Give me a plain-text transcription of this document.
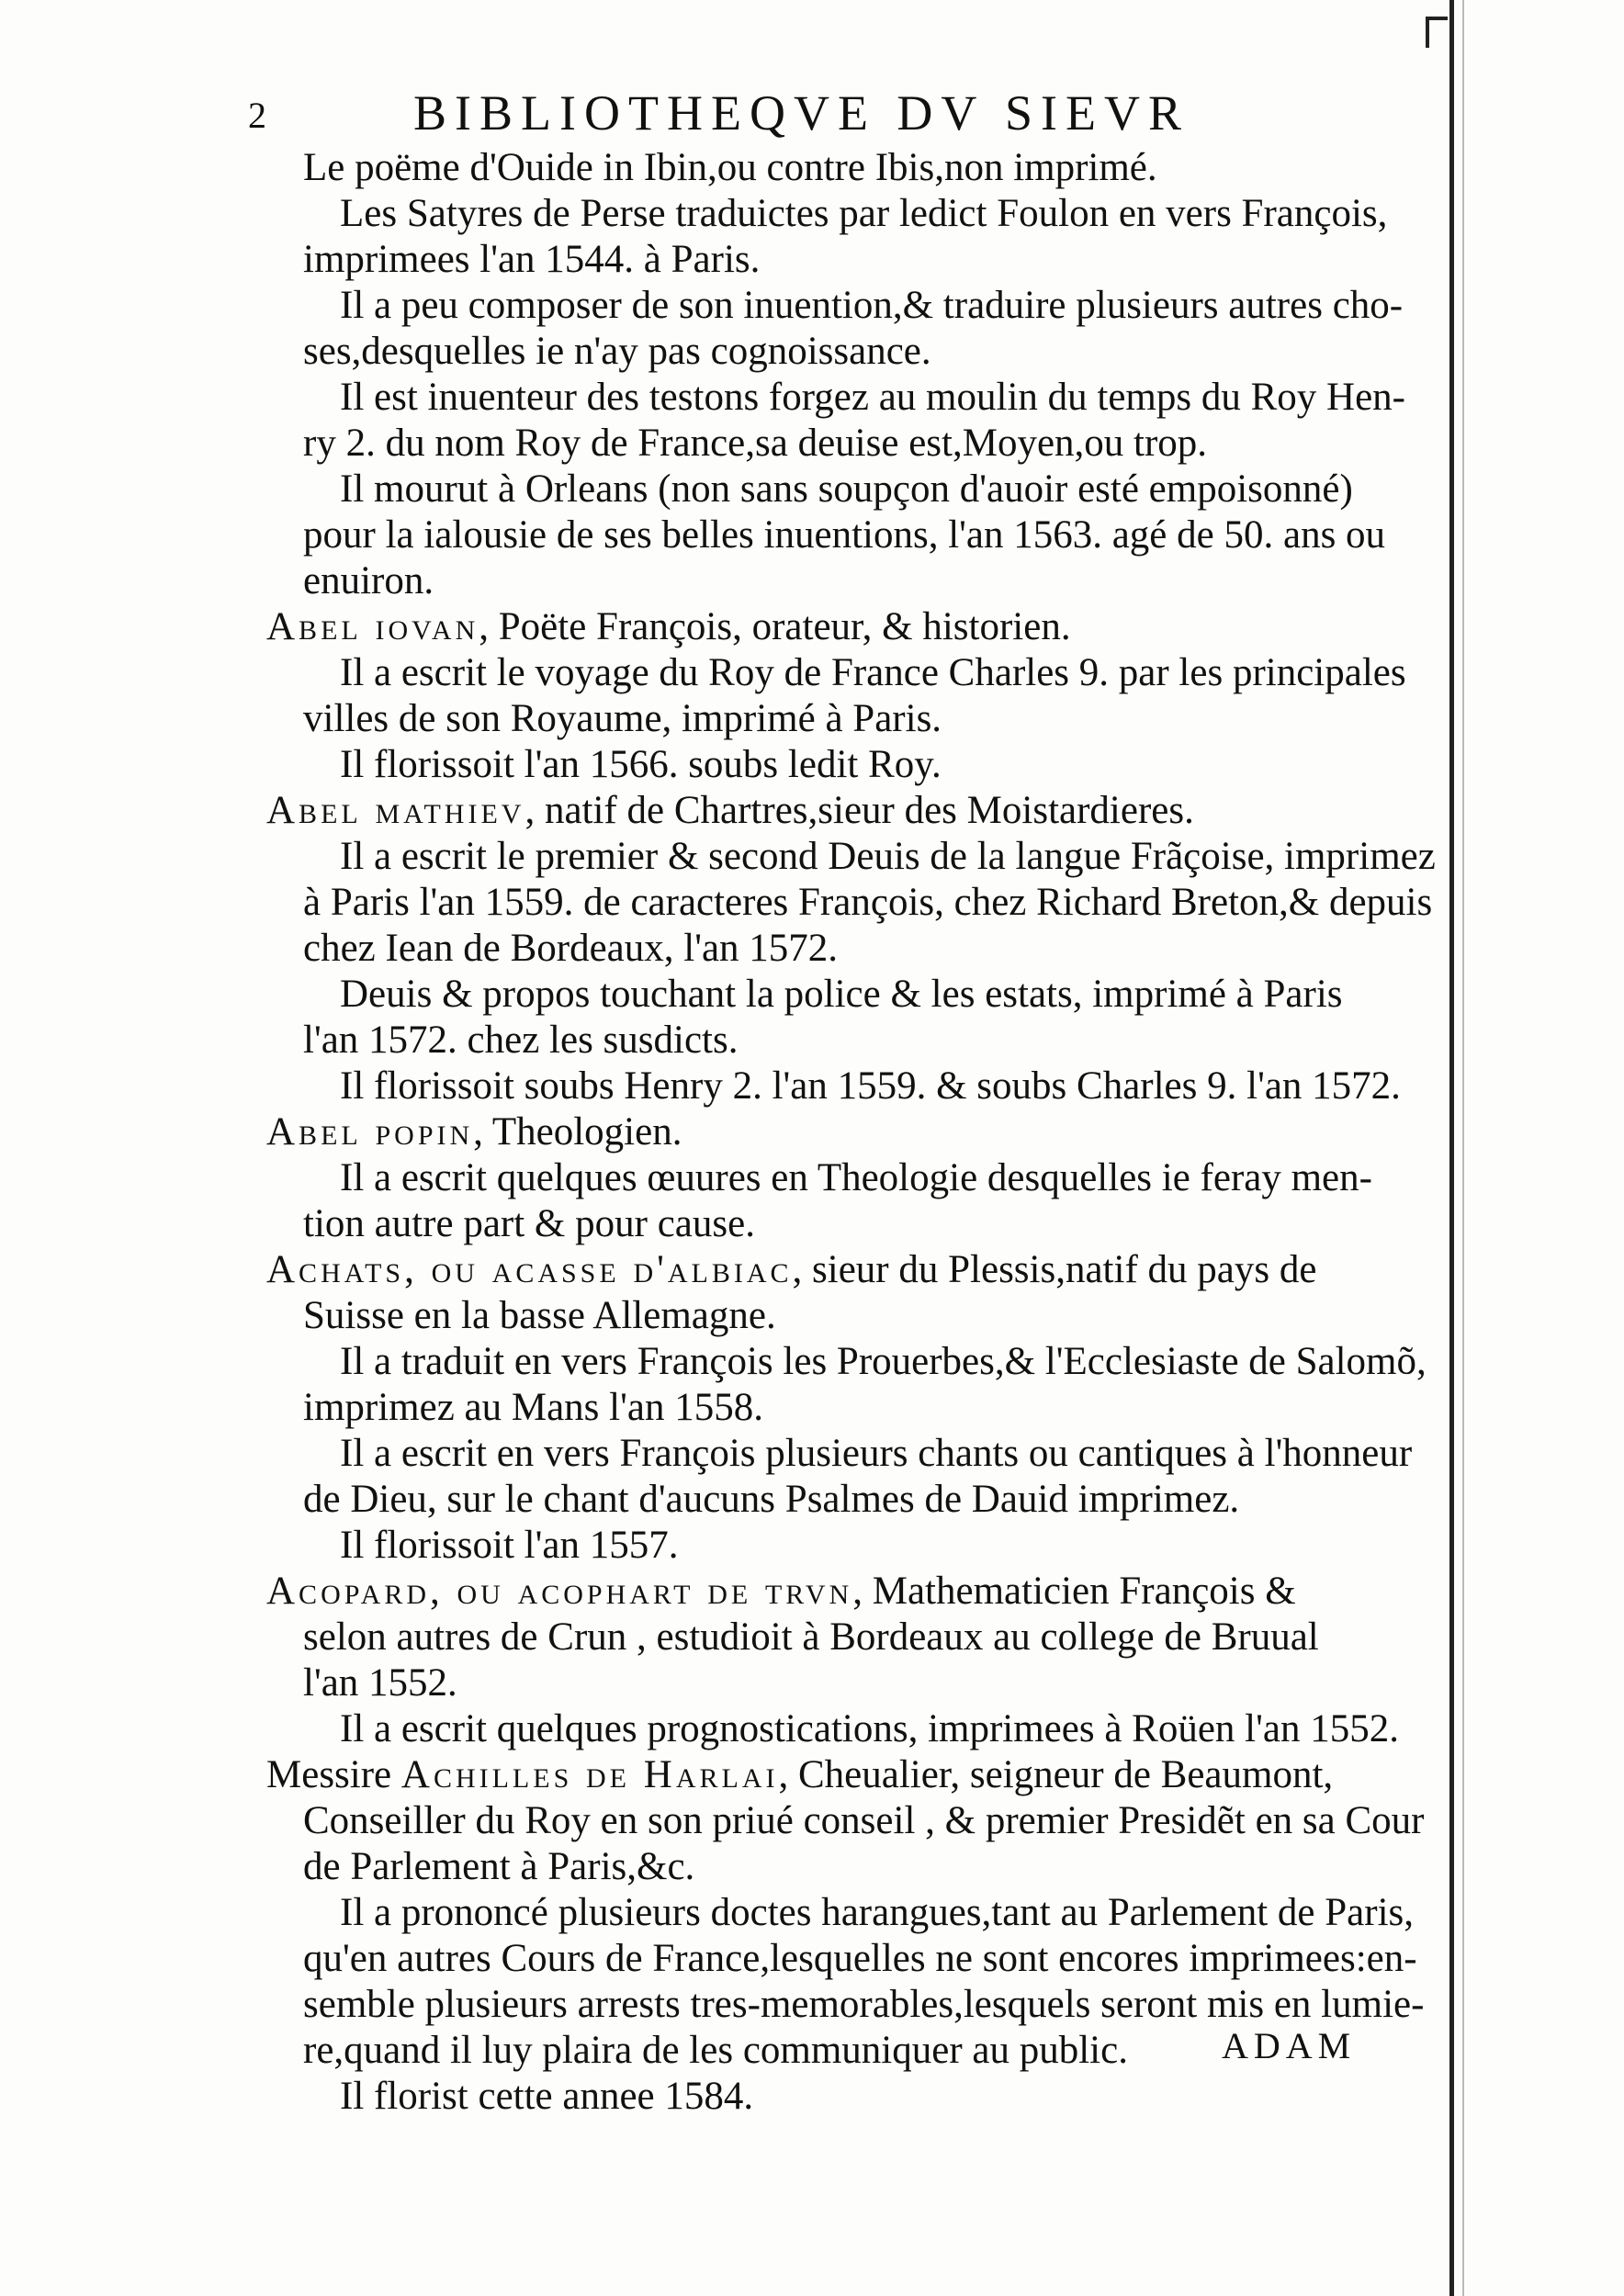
2	BIBLIOTHEQVE DV SIEVR
Le poëme d'Ouide in Ibin,ou contre Ibis,non imprimé.
Les Satyres de Perse traduictes par ledict Foulon en vers François,
imprimees l'an 1544. à Paris.
Il a peu composer de son inuention,& traduire plusieurs autres cho-
ses,desquelles ie n'ay pas cognoissance.
Il est inuenteur des testons forgez au moulin du temps du Roy Hen-
ry 2. du nom Roy de France,sa deuise est,Moyen,ou trop.
Il mourut à Orleans (non sans soupçon d'auoir esté empoisonné)
pour la ialousie de ses belles inuentions, l'an 1563. agé de 50. ans ou
enuiron.
Abel iovan, Poëte François, orateur, & historien.
Il a escrit le voyage du Roy de France Charles 9. par les principales
villes de son Royaume, imprimé à Paris.
Il florissoit l'an 1566. soubs ledit Roy.
Abel mathiev, natif de Chartres,sieur des Moistardieres.
Il a escrit le premier & second Deuis de la langue Frãçoise, imprimez
à Paris l'an 1559. de caracteres François, chez Richard Breton,& depuis
chez Iean de Bordeaux, l'an 1572.
Deuis & propos touchant la police & les estats, imprimé à Paris
l'an 1572. chez les susdicts.
Il florissoit soubs Henry 2. l'an 1559. & soubs Charles 9. l'an 1572.
Abel popin, Theologien.
Il a escrit quelques œuures en Theologie desquelles ie feray men-
tion autre part & pour cause.
Achats, ou acasse d'albiac, sieur du Plessis,natif du pays de
Suisse en la basse Allemagne.
Il a traduit en vers François les Prouerbes,& l'Ecclesiaste de Salomõ,
imprimez au Mans l'an 1558.
Il a escrit en vers François plusieurs chants ou cantiques à l'honneur
de Dieu, sur le chant d'aucuns Psalmes de Dauid imprimez.
Il florissoit l'an 1557.
Acopard, ou acophart de trvn, Mathematicien François &
selon autres de Crun , estudioit à Bordeaux au college de Bruual
l'an 1552.
Il a escrit quelques prognostications, imprimees à Roüen l'an 1552.
Messire Achilles de Harlai, Cheualier, seigneur de Beaumont,
Conseiller du Roy en son priué conseil , & premier Presidẽt en sa Cour
de Parlement à Paris,&c.
Il a prononcé plusieurs doctes harangues,tant au Parlement de Paris,
qu'en autres Cours de France,lesquelles ne sont encores imprimees:en-
semble plusieurs arrests tres-memorables,lesquels seront mis en lumie-
re,quand il luy plaira de les communiquer au public.
Il florist cette annee 1584.
ADAM
